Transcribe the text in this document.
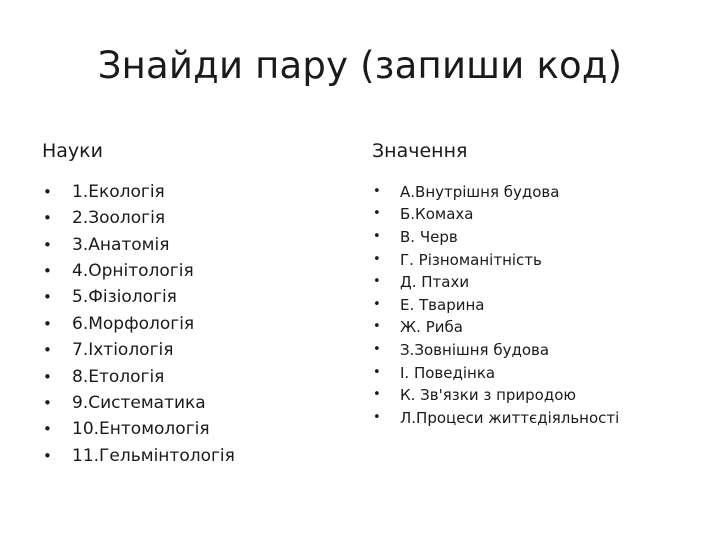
Знайди пару (запиши код)
Науки
• 1.Екологія
• 2.Зоологія
• 3.Анатомія
• 4.Орнітологія
• 5.Фізіологія
• 6.Морфологія
• 7.Іхтіологія
• 8.Етологія
• 9.Систематика
• 10.Ентомологія
• 11.Гельмінтологія
Значення
• А.Внутрішня будова
• Б.Комаха
• В. Черв
• Г. Різноманітність
• Д. Птахи
• Е. Тварина
• Ж. Риба
• З.Зовнішня будова
• І. Поведінка
• К. Зв'язки з природою
• Л.Процеси життєдіяльності
